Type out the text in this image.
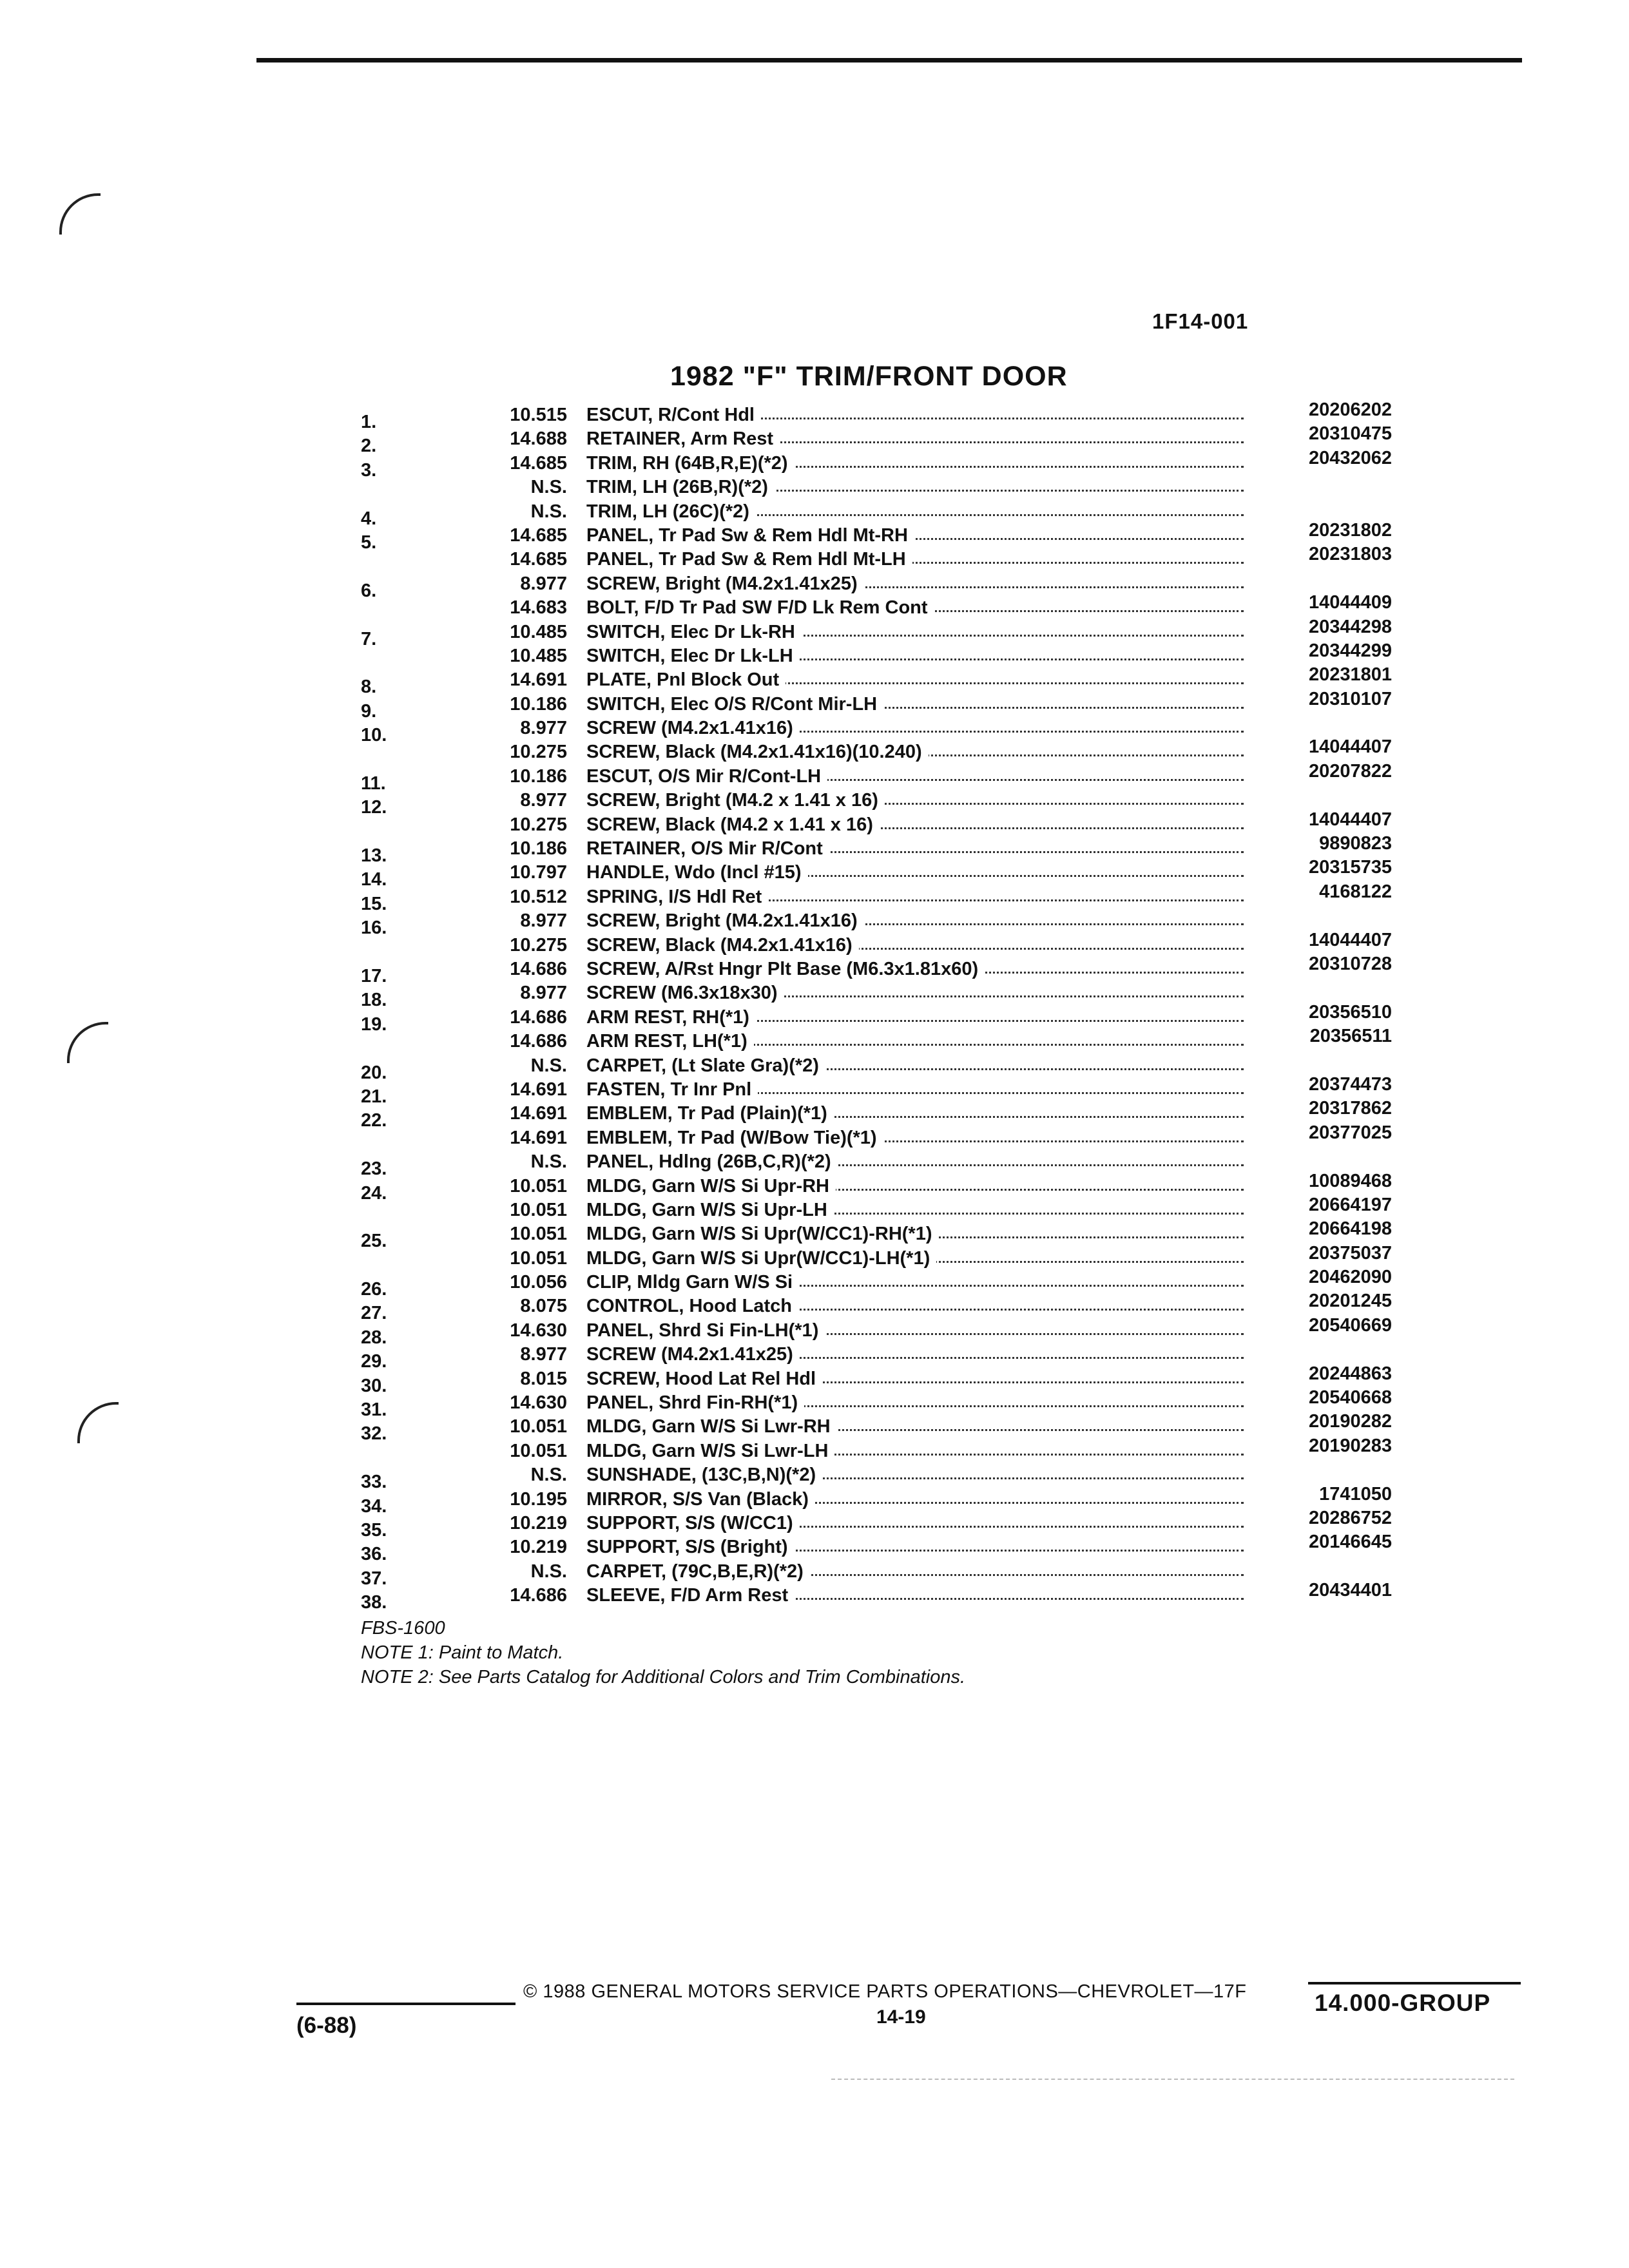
1F14-001
1982 "F" TRIM/FRONT DOOR
1.	10.515 ESCUT, R/Cont Hdl	20206202
2.	14.688 RETAINER, Arm Rest	20310475
3.	14.685 TRIM, RH (64B,R,E)(*2)	20432062
N.S. TRIM, LH (26B,R)(*2)
4.	N.S. TRIM, LH (26C)(*2)
5.	14.685 PANEL, Tr Pad Sw & Rem Hdl Mt-RH	20231802
14.685 PANEL, Tr Pad Sw & Rem Hdl Mt-LH	20231803
6.	8.977 SCREW, Bright (M4.2x1.41x25)
14.683 BOLT, F/D Tr Pad SW F/D Lk Rem Cont	14044409
7.	10.485 SWITCH, Elec Dr Lk-RH	20344298
10.485 SWITCH, Elec Dr Lk-LH	20344299
8.	14.691 PLATE, Pnl Block Out	20231801
9.	10.186 SWITCH, Elec O/S R/Cont Mir-LH	20310107
10.	8.977 SCREW (M4.2x1.41x16)
10.275 SCREW, Black (M4.2x1.41x16)(10.240)	14044407
11.	10.186 ESCUT, O/S Mir R/Cont-LH	20207822
12.	8.977 SCREW, Bright (M4.2 x 1.41 x 16)
10.275 SCREW, Black (M4.2 x 1.41 x 16)	14044407
13.	10.186 RETAINER, O/S Mir R/Cont	9890823
14.	10.797 HANDLE, Wdo (Incl #15)	20315735
15.	10.512 SPRING, I/S Hdl Ret	4168122
16.	8.977 SCREW, Bright (M4.2x1.41x16)
10.275 SCREW, Black (M4.2x1.41x16)	14044407
17.	14.686 SCREW, A/Rst Hngr Plt Base (M6.3x1.81x60)	20310728
18.	8.977 SCREW (M6.3x18x30)
19.	14.686 ARM REST, RH(*1)	20356510
14.686 ARM REST, LH(*1)	20356511
20.	N.S. CARPET, (Lt Slate Gra)(*2)
21.	14.691 FASTEN, Tr Inr Pnl	20374473
22.	14.691 EMBLEM, Tr Pad (Plain)(*1)	20317862
14.691 EMBLEM, Tr Pad (W/Bow Tie)(*1)	20377025
23.	N.S. PANEL, Hdlng (26B,C,R)(*2)
24.	10.051 MLDG, Garn W/S Si Upr-RH	10089468
10.051 MLDG, Garn W/S Si Upr-LH	20664197
25.	10.051 MLDG, Garn W/S Si Upr(W/CC1)-RH(*1)	20664198
10.051 MLDG, Garn W/S Si Upr(W/CC1)-LH(*1)	20375037
26.	10.056 CLIP, Mldg Garn W/S Si	20462090
27.	8.075 CONTROL, Hood Latch	20201245
28.	14.630 PANEL, Shrd Si Fin-LH(*1)	20540669
29.	8.977 SCREW (M4.2x1.41x25)
30.	8.015 SCREW, Hood Lat Rel Hdl	20244863
31.	14.630 PANEL, Shrd Fin-RH(*1)	20540668
32.	10.051 MLDG, Garn W/S Si Lwr-RH	20190282
10.051 MLDG, Garn W/S Si Lwr-LH	20190283
33.	N.S. SUNSHADE, (13C,B,N)(*2)
34.	10.195 MIRROR, S/S Van (Black)	1741050
35.	10.219 SUPPORT, S/S (W/CC1)	20286752
36.	10.219 SUPPORT, S/S (Bright)	20146645
37.	N.S. CARPET, (79C,B,E,R)(*2)
38.	14.686 SLEEVE, F/D Arm Rest	20434401
FBS-1600
NOTE 1: Paint to Match.
NOTE 2: See Parts Catalog for Additional Colors and Trim Combinations.
© 1988 GENERAL MOTORS SERVICE PARTS OPERATIONS—CHEVROLET—17F
14-19
(6-88)
14.000-GROUP
